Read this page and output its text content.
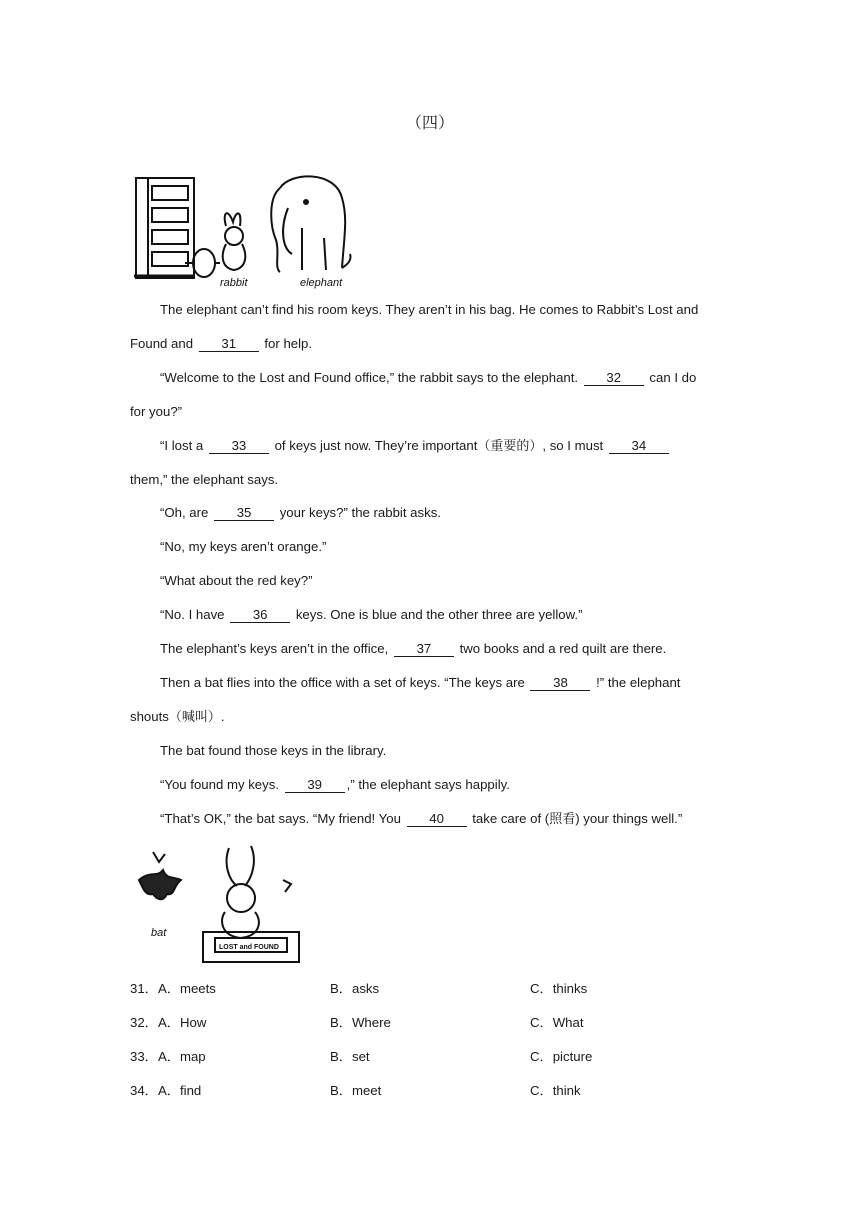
（四）
rabbit	elephant
The elephant can’t find his room keys. They aren’t in his bag. He comes to Rabbit’s Lost and
Found and 31 for help.
“Welcome to the Lost and Found office,” the rabbit says to the elephant. 32 can I do
for you?”
“I lost a 33 of keys just now. They’re important（重要的）, so I must 34
them,” the elephant says.
“Oh, are 35 your keys?” the rabbit asks.
“No, my keys aren’t orange.”
“What about the red key?”
“No. I have 36 keys. One is blue and the other three are yellow.”
The elephant’s keys aren’t in the office, 37 two books and a red quilt are there.
Then a bat flies into the office with a set of keys. “The keys are 38 !” the elephant
shouts（喊叫）.
The bat found those keys in the library.
“You found my keys. 39 ,” the elephant says happily.
“That’s OK,” the bat says. “My friend! You 40 take care of (照看) your things well.”
bat
LOST and FOUND
31． A．meets	B．asks	C．thinks
32． A．How	B．Where	C．What
33． A．map	B．set	C．picture
34． A．find	B．meet	C．think
